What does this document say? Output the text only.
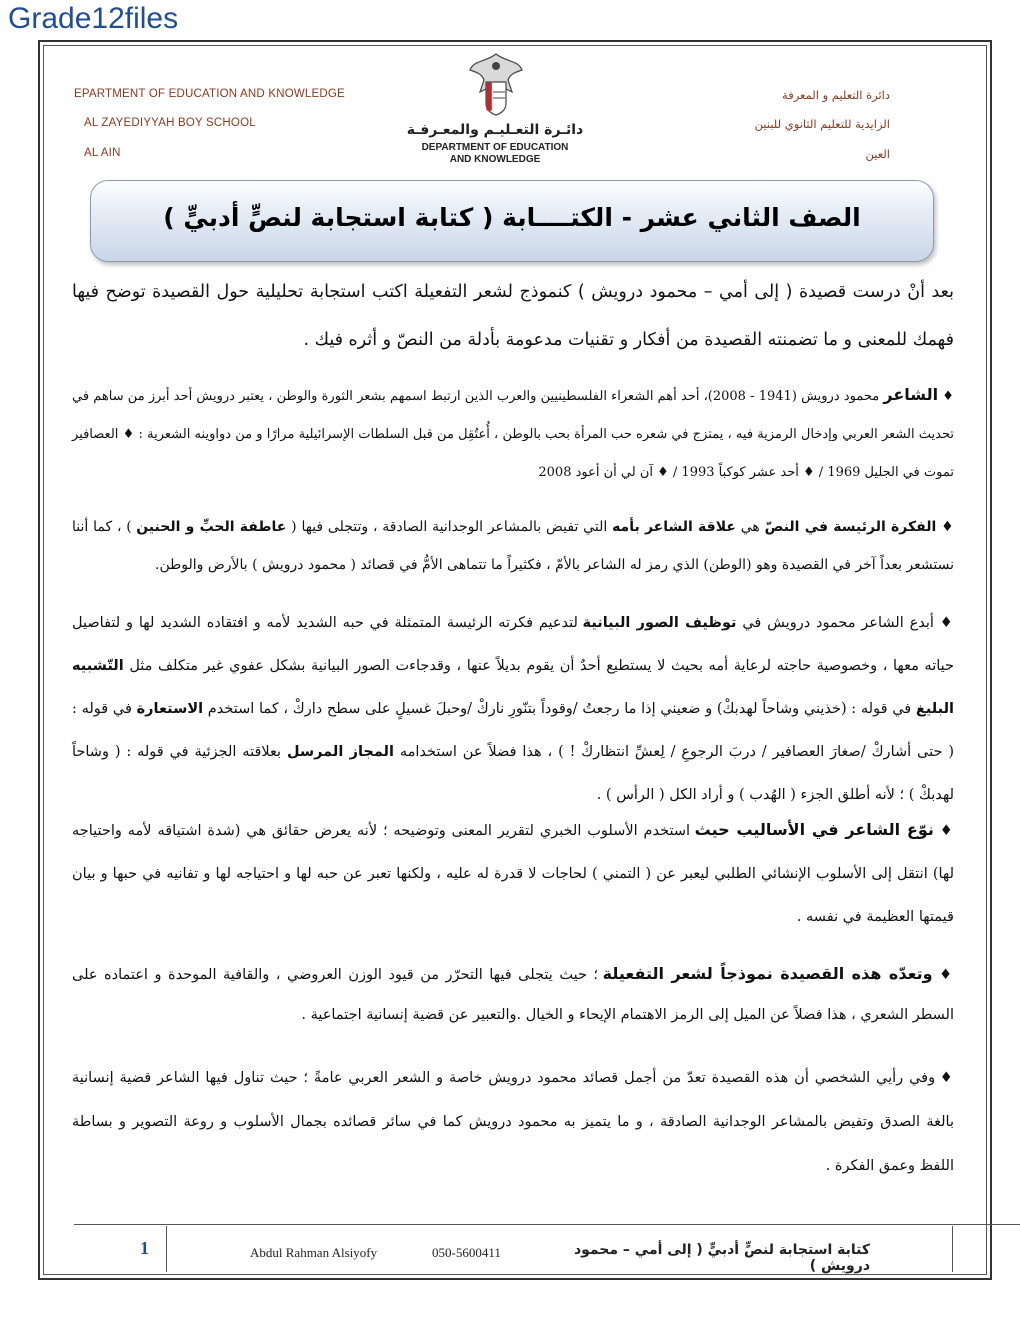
Grade12files
EPARTMENT OF EDUCATION AND KNOWLEDGE
AL ZAYEDIYYAH BOY SCHOOL
AL AIN
دائرة التعليم و المعرفة
الزايدية للتعليم الثانوي للبنين
العين
دائـرة التعـليـم والمعـرفـة
DEPARTMENT OF EDUCATION
AND KNOWLEDGE
الصف الثاني عشر - الكتــــابة ( كتابة استجابة لنصٍّ أدبيٍّ )

بعد أنْ درست قصيدة ( إلى أمي – محمود درويش ) كنموذج لشعر التفعيلة اكتب استجابة تحليلية حول القصيدة توضح فيها فهمك للمعنى و ما تضمنته القصيدة من أفكار و تقنيات مدعومة بأدلة من النصّ و أثره فيك .

♦ الشاعر محمود درويش (1941 - 2008)، أحد أهم الشعراء الفلسطينيين والعرب الذين ارتبط اسمهم بشعر الثورة والوطن ، يعتبر درويش أحد أبرز من ساهم في تحديث الشعر العربي وإدخال الرمزية فيه ، يمتزج في شعره حب المرأة بحب بالوطن ، أُعتُقِل من قبل السلطات الإسرائيلية مرارًا و من دواوينه الشعرية : ♦ العصافير تموت في الجليل 1969 / ♦ أحد عشر كوكباً 1993 / ♦ آن لي أن أعود 2008

♦ الفكرة الرئيسة في النصّ هي علاقة الشاعر بأمه التي تفيض بالمشاعر الوجدانية الصادقة ، وتتجلى فيها ( عاطفة الحبِّ و الحنين ) ، كما أننا نستشعر بعداً آخر في القصيدة وهو (الوطن) الذي رمز له الشاعر بالأمّ ، فكثيراً ما تتماهى الأمُّ في قصائد ( محمود درويش ) بالأرض والوطن.

♦ أبدع الشاعر محمود درويش في توظيف الصور البيانية لتدعيم فكرته الرئيسة المتمثلة في حبه الشديد لأمه و افتقاده الشديد لها و لتفاصيل حياته معها ، وخصوصية حاجته لرعاية أمه بحيث لا يستطيع أحدٌ أن يقوم بديلاً عنها ، وقدجاءت الصور البيانية بشكل عفوي غير متكلف مثل التّشبيه البليغ في قوله : (خذيني وشاحاً لهدبكْ) و ضعيني إذا ما رجعتُ /وقوداً بتنّورِ ناركْ /وحبلَ غسيلٍ على سطح داركْ ، كما استخدم الاستعارة في قوله :( حتى أشاركْ /صغارَ العصافير / دربَ الرجوعِ / لِعشِّ انتظاركْ ! ) ، هذا فضلاً عن استخدامه المجاز المرسل بعلاقته الجزئية في قوله : ( وشاحاً لهدبكْ ) ؛ لأنه أطلق الجزء ( الهُدب ) و أراد الكل ( الرأس ) .

♦ نوّع الشاعر في الأساليب حيث استخدم الأسلوب الخبري لتقرير المعنى وتوضيحه ؛ لأنه يعرض حقائق هي (شدة اشتياقه لأمه واحتياجه لها) انتقل إلى الأسلوب الإنشائي الطلبي ليعبر عن ( التمني ) لحاجات لا قدرة له عليه ، ولكنها تعبر عن حبه لها و احتياجه لها و تفانيه في حبها و بيان قيمتها العظيمة في نفسه .

♦ وتعدّه هذه القصيدة نموذجاً لشعر التفعيلة ؛ حيث يتجلى فيها التحرّر من قيود الوزن العروضي ، والقافية الموحدة و اعتماده على السطر الشعري ، هذا فضلاً عن الميل إلى الرمز الاهتمام الإيحاء و الخيال .والتعبير عن قضية إنسانية اجتماعية .

♦ وفي رأيي الشخصي أن هذه القصيدة تعدّ من أجمل قصائد محمود درويش خاصة و الشعر العربي عامةً ؛ حيث تناول فيها الشاعر قضية إنسانية بالغة الصدق وتفيض بالمشاعر الوجدانية الصادقة ، و ما يتميز به محمود درويش كما في سائر قصائده بجمال الأسلوب و روعة التصوير و بساطة اللفظ وعمق الفكرة .

1	Abdul Rahman Alsiyofy	050-5600411	كتابة استجابة لنصٍّ أدبيٍّ ( إلى أمي – محمود درويش )
